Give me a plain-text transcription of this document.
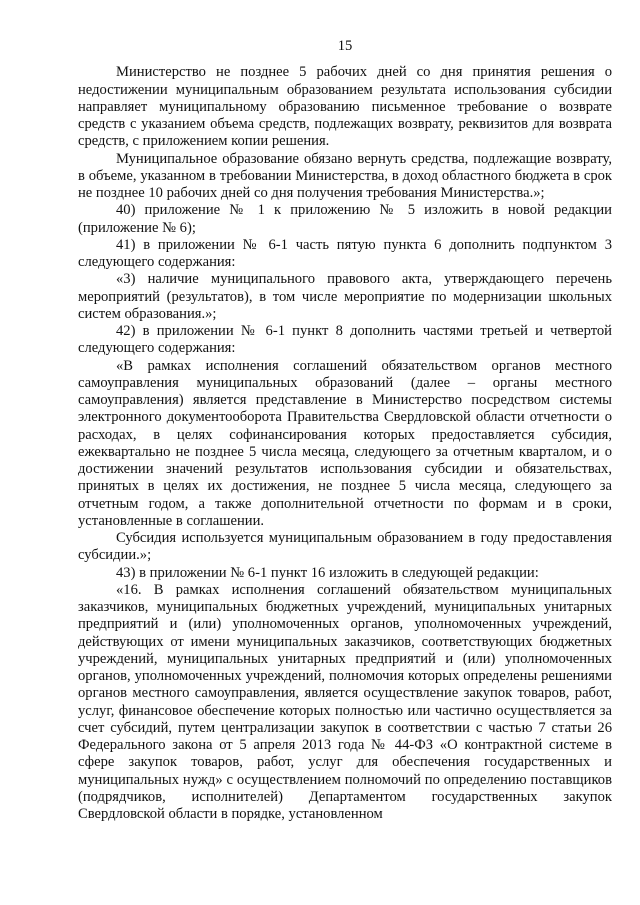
15

Министерство не позднее 5 рабочих дней со дня принятия решения о недостижении муниципальным образованием результата использования субсидии направляет муниципальному образованию письменное требование о возврате средств с указанием объема средств, подлежащих возврату, реквизитов для возврата средств, с приложением копии решения.

Муниципальное образование обязано вернуть средства, подлежащие возврату, в объеме, указанном в требовании Министерства, в доход областного бюджета в срок не позднее 10 рабочих дней со дня получения требования Министерства.»;

40) приложение № 1 к приложению № 5 изложить в новой редакции (приложение № 6);

41) в приложении № 6-1 часть пятую пункта 6 дополнить подпунктом 3 следующего содержания:

«3) наличие муниципального правового акта, утверждающего перечень мероприятий (результатов), в том числе мероприятие по модернизации школьных систем образования.»;

42) в приложении № 6-1 пункт 8 дополнить частями третьей и четвертой следующего содержания:

«В рамках исполнения соглашений обязательством органов местного самоуправления муниципальных образований (далее – органы местного самоуправления) является представление в Министерство посредством системы электронного документооборота Правительства Свердловской области отчетности о расходах, в целях софинансирования которых предоставляется субсидия, ежеквартально не позднее 5 числа месяца, следующего за отчетным кварталом, и о достижении значений результатов использования субсидии и обязательствах, принятых в целях их достижения, не позднее 5 числа месяца, следующего за отчетным годом, а также дополнительной отчетности по формам и в сроки, установленные в соглашении.

Субсидия используется муниципальным образованием в году предоставления субсидии.»;

43) в приложении № 6-1 пункт 16 изложить в следующей редакции:

«16. В рамках исполнения соглашений обязательством муниципальных заказчиков, муниципальных бюджетных учреждений, муниципальных унитарных предприятий и (или) уполномоченных органов, уполномоченных учреждений, действующих от имени муниципальных заказчиков, соответствующих бюджетных учреждений, муниципальных унитарных предприятий и (или) уполномоченных органов, уполномоченных учреждений, полномочия которых определены решениями органов местного самоуправления, является осуществление закупок товаров, работ, услуг, финансовое обеспечение которых полностью или частично осуществляется за счет субсидий, путем централизации закупок в соответствии с частью 7 статьи 26 Федерального закона от 5 апреля 2013 года № 44-ФЗ «О контрактной системе в сфере закупок товаров, работ, услуг для обеспечения государственных и муниципальных нужд» с осуществлением полномочий по определению поставщиков (подрядчиков, исполнителей) Департаментом государственных закупок Свердловской области в порядке, установленном
